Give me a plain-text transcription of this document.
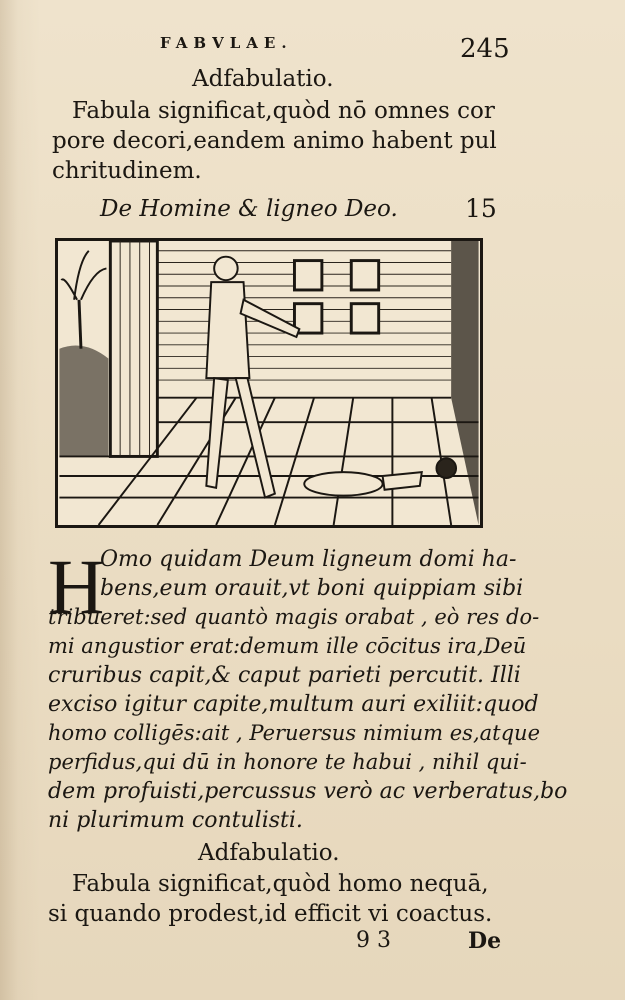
FABVLAE.	245
Adfabulatio.
Fabula significat,quòd nō omnes cor
pore decori,eandem animo habent pul
chritudinem.
De Homine & ligneo Deo.	15
H
Omo quidam Deum ligneum domi ha-
bens,eum orauit,vt boni quippiam sibi
tribueret:sed quantò magis orabat , eò res do-
mi angustior erat:demum ille cōcitus ira,Deū
cruribus capit,& caput parieti percutit. Illi
exciso igitur capite,multum auri exiliit:quod
homo colligēs:ait , Peruersus nimium es,atque
perfidus,qui dū in honore te habui , nihil qui-
dem profuisti,percussus verò ac verberatus,bo
ni plurimum contulisti.
Adfabulatio.
Fabula significat,quòd homo nequā,
si quando prodest,id efficit vi coactus.
9 3	De
